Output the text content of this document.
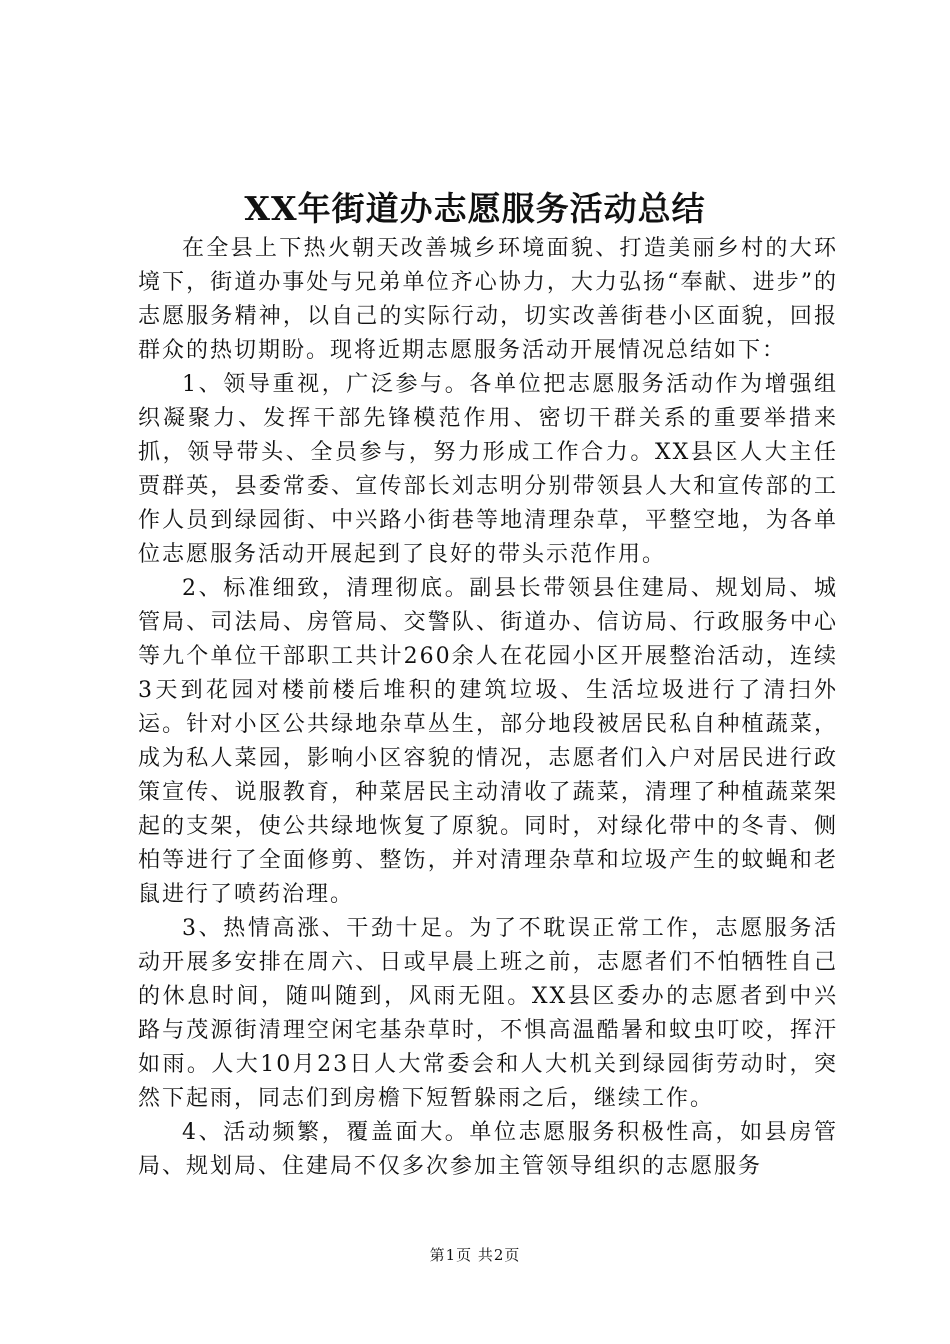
XX年街道办志愿服务活动总结

在全县上下热火朝天改善城乡环境面貌、打造美丽乡村的大环境下，街道办事处与兄弟单位齐心协力，大力弘扬“奉献、进步”的志愿服务精神，以自己的实际行动，切实改善街巷小区面貌，回报群众的热切期盼。现将近期志愿服务活动开展情况总结如下：

1、领导重视，广泛参与。各单位把志愿服务活动作为增强组织凝聚力、发挥干部先锋模范作用、密切干群关系的重要举措来抓，领导带头、全员参与，努力形成工作合力。XX县区人大主任贾群英，县委常委、宣传部长刘志明分别带领县人大和宣传部的工作人员到绿园街、中兴路小街巷等地清理杂草，平整空地，为各单位志愿服务活动开展起到了良好的带头示范作用。

2、标准细致，清理彻底。副县长带领县住建局、规划局、城管局、司法局、房管局、交警队、街道办、信访局、行政服务中心等九个单位干部职工共计260余人在花园小区开展整治活动，连续3天到花园对楼前楼后堆积的建筑垃圾、生活垃圾进行了清扫外运。针对小区公共绿地杂草丛生，部分地段被居民私自种植蔬菜，成为私人菜园，影响小区容貌的情况，志愿者们入户对居民进行政策宣传、说服教育，种菜居民主动清收了蔬菜，清理了种植蔬菜架起的支架，使公共绿地恢复了原貌。同时，对绿化带中的冬青、侧柏等进行了全面修剪、整饬，并对清理杂草和垃圾产生的蚊蝇和老鼠进行了喷药治理。

3、热情高涨、干劲十足。为了不耽误正常工作，志愿服务活动开展多安排在周六、日或早晨上班之前，志愿者们不怕牺牲自己的休息时间，随叫随到，风雨无阻。XX县区委办的志愿者到中兴路与茂源街清理空闲宅基杂草时，不惧高温酷暑和蚊虫叮咬，挥汗如雨。人大10月23日人大常委会和人大机关到绿园街劳动时，突然下起雨，同志们到房檐下短暂躲雨之后，继续工作。

4、活动频繁，覆盖面大。单位志愿服务积极性高，如县房管局、规划局、住建局不仅多次参加主管领导组织的志愿服务

第1页 共2页
